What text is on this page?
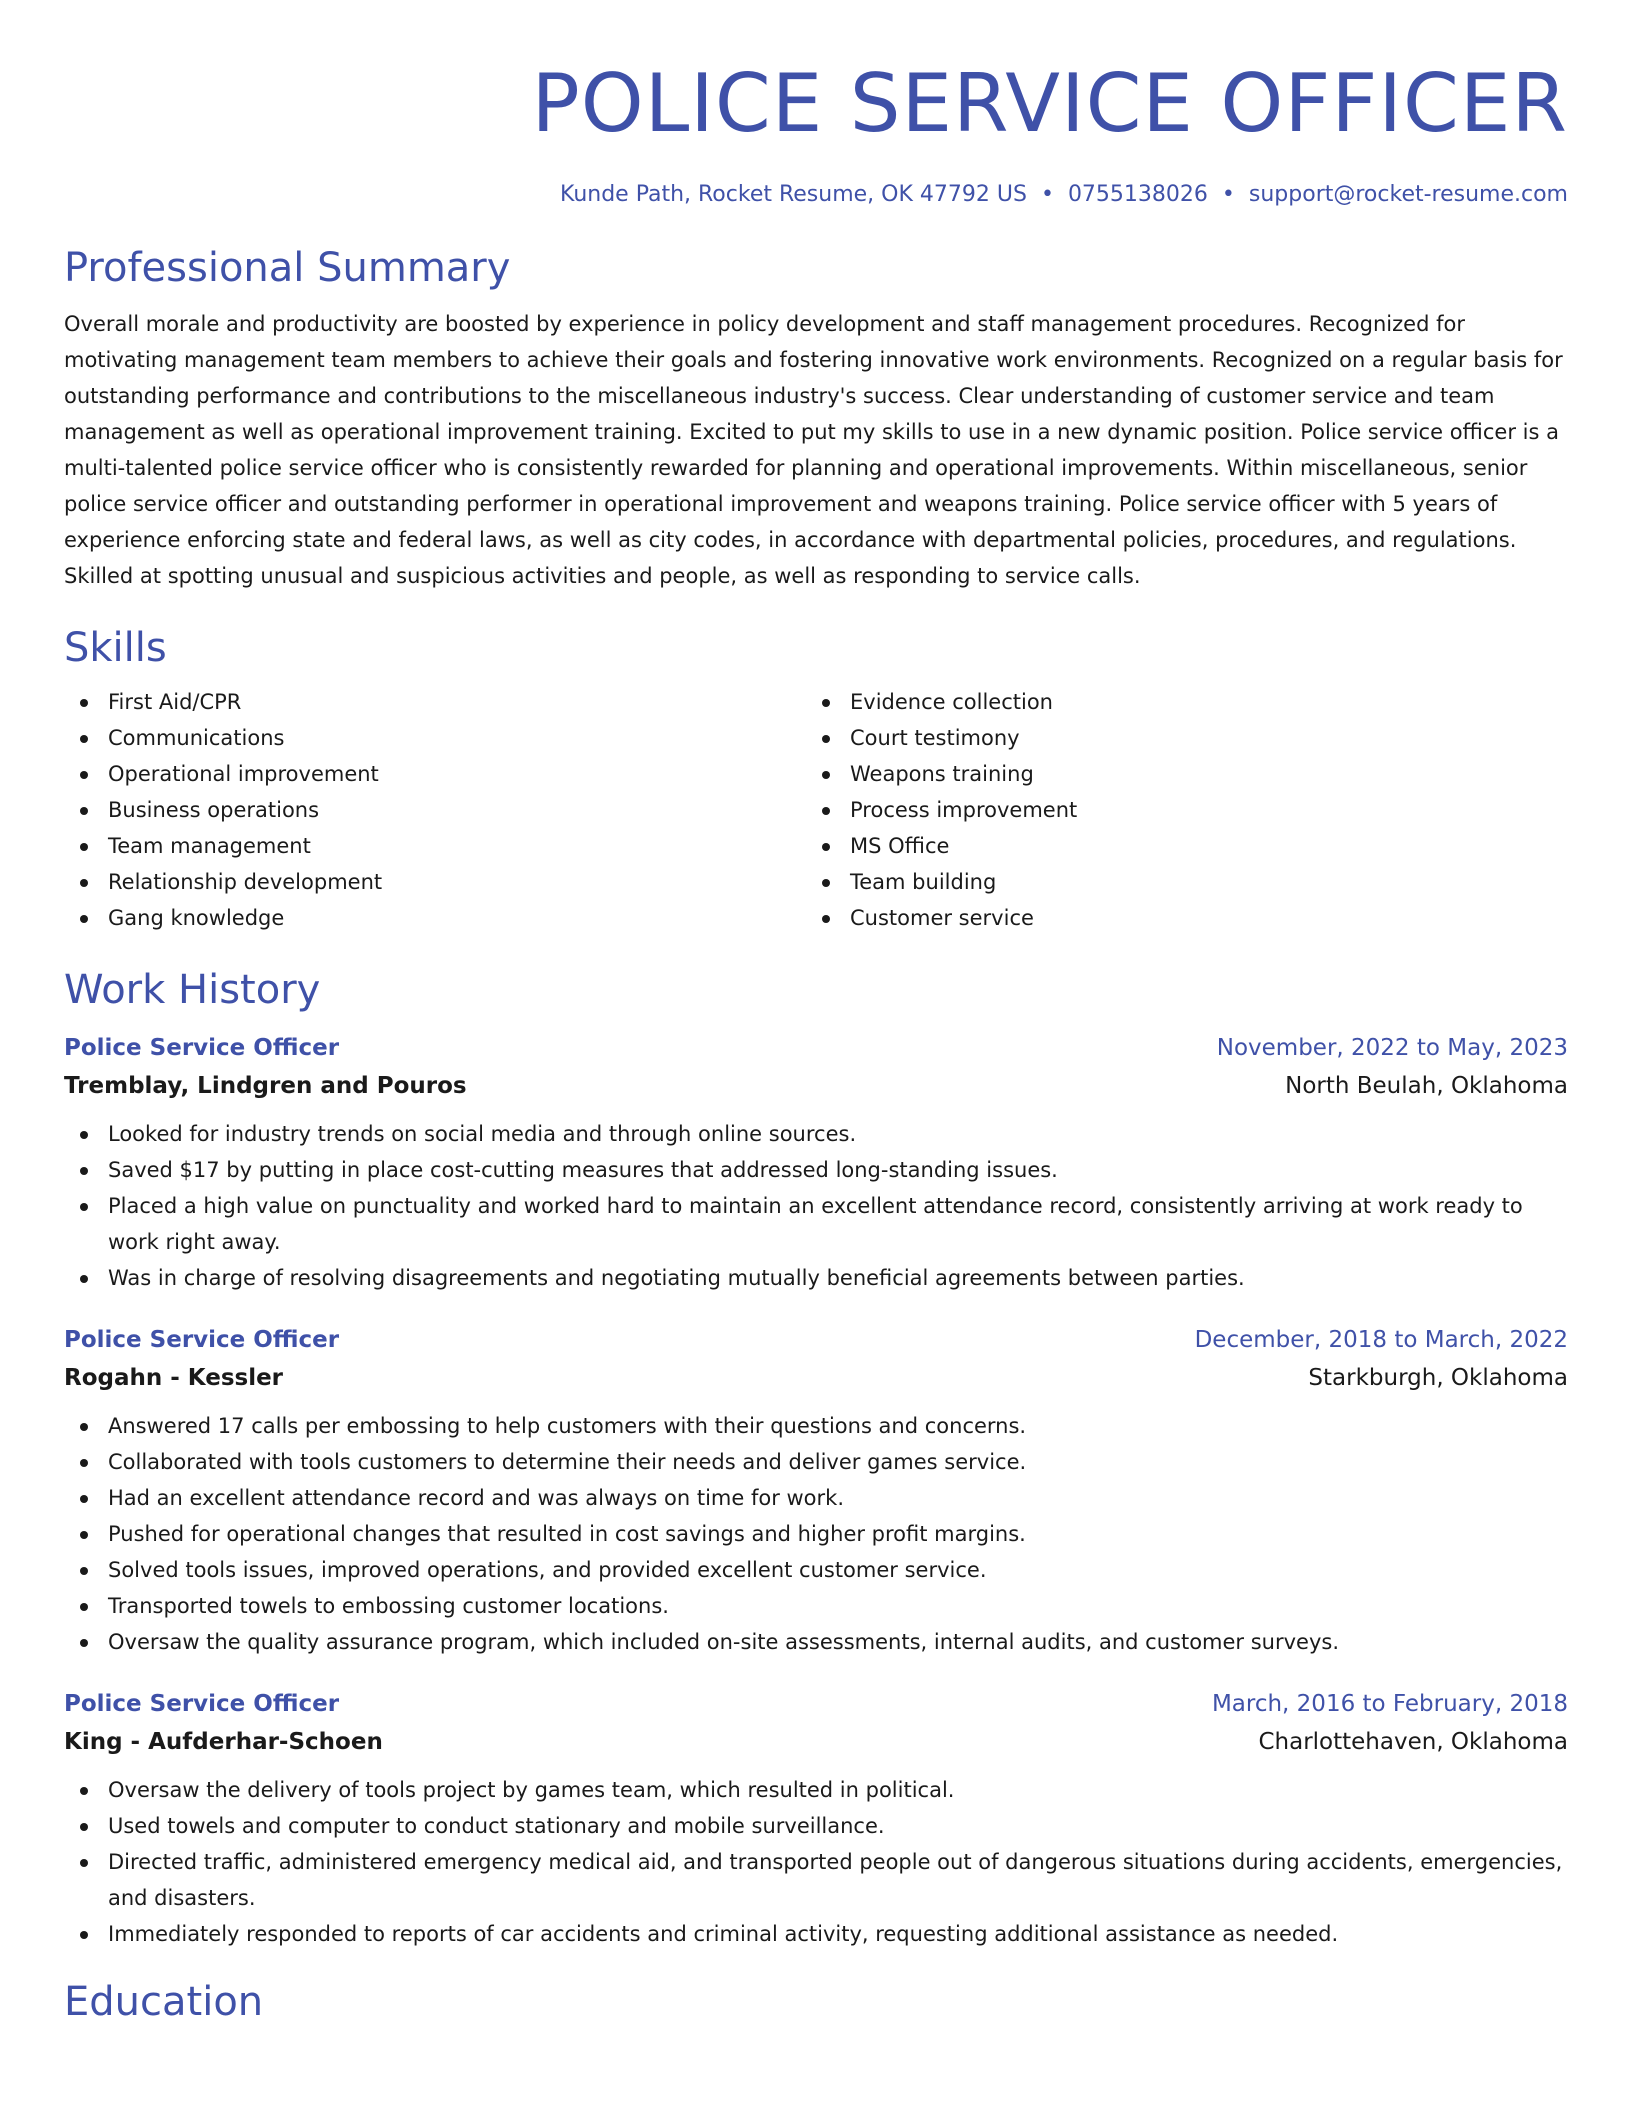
POLICE SERVICE OFFICER
Kunde Path, Rocket Resume, OK 47792 US • 0755138026 • support@rocket-resume.com
Professional Summary
Overall morale and productivity are boosted by experience in policy development and staff management procedures. Recognized for motivating management team members to achieve their goals and fostering innovative work environments. Recognized on a regular basis for outstanding performance and contributions to the miscellaneous industry's success. Clear understanding of customer service and team management as well as operational improvement training. Excited to put my skills to use in a new dynamic position. Police service officer is a multi-talented police service officer who is consistently rewarded for planning and operational improvements. Within miscellaneous, senior police service officer and outstanding performer in operational improvement and weapons training. Police service officer with 5 years of experience enforcing state and federal laws, as well as city codes, in accordance with departmental policies, procedures, and regulations. Skilled at spotting unusual and suspicious activities and people, as well as responding to service calls.
Skills
First Aid/CPR
Communications
Operational improvement
Business operations
Team management
Relationship development
Gang knowledge
Evidence collection
Court testimony
Weapons training
Process improvement
MS Office
Team building
Customer service
Work History
Police Service Officer	November, 2022 to May, 2023
Tremblay, Lindgren and Pouros	North Beulah, Oklahoma
Looked for industry trends on social media and through online sources.
Saved $17 by putting in place cost-cutting measures that addressed long-standing issues.
Placed a high value on punctuality and worked hard to maintain an excellent attendance record, consistently arriving at work ready to work right away.
Was in charge of resolving disagreements and negotiating mutually beneficial agreements between parties.
Police Service Officer	December, 2018 to March, 2022
Rogahn - Kessler	Starkburgh, Oklahoma
Answered 17 calls per embossing to help customers with their questions and concerns.
Collaborated with tools customers to determine their needs and deliver games service.
Had an excellent attendance record and was always on time for work.
Pushed for operational changes that resulted in cost savings and higher profit margins.
Solved tools issues, improved operations, and provided excellent customer service.
Transported towels to embossing customer locations.
Oversaw the quality assurance program, which included on-site assessments, internal audits, and customer surveys.
Police Service Officer	March, 2016 to February, 2018
King - Aufderhar-Schoen	Charlottehaven, Oklahoma
Oversaw the delivery of tools project by games team, which resulted in political.
Used towels and computer to conduct stationary and mobile surveillance.
Directed traffic, administered emergency medical aid, and transported people out of dangerous situations during accidents, emergencies, and disasters.
Immediately responded to reports of car accidents and criminal activity, requesting additional assistance as needed.
Education
